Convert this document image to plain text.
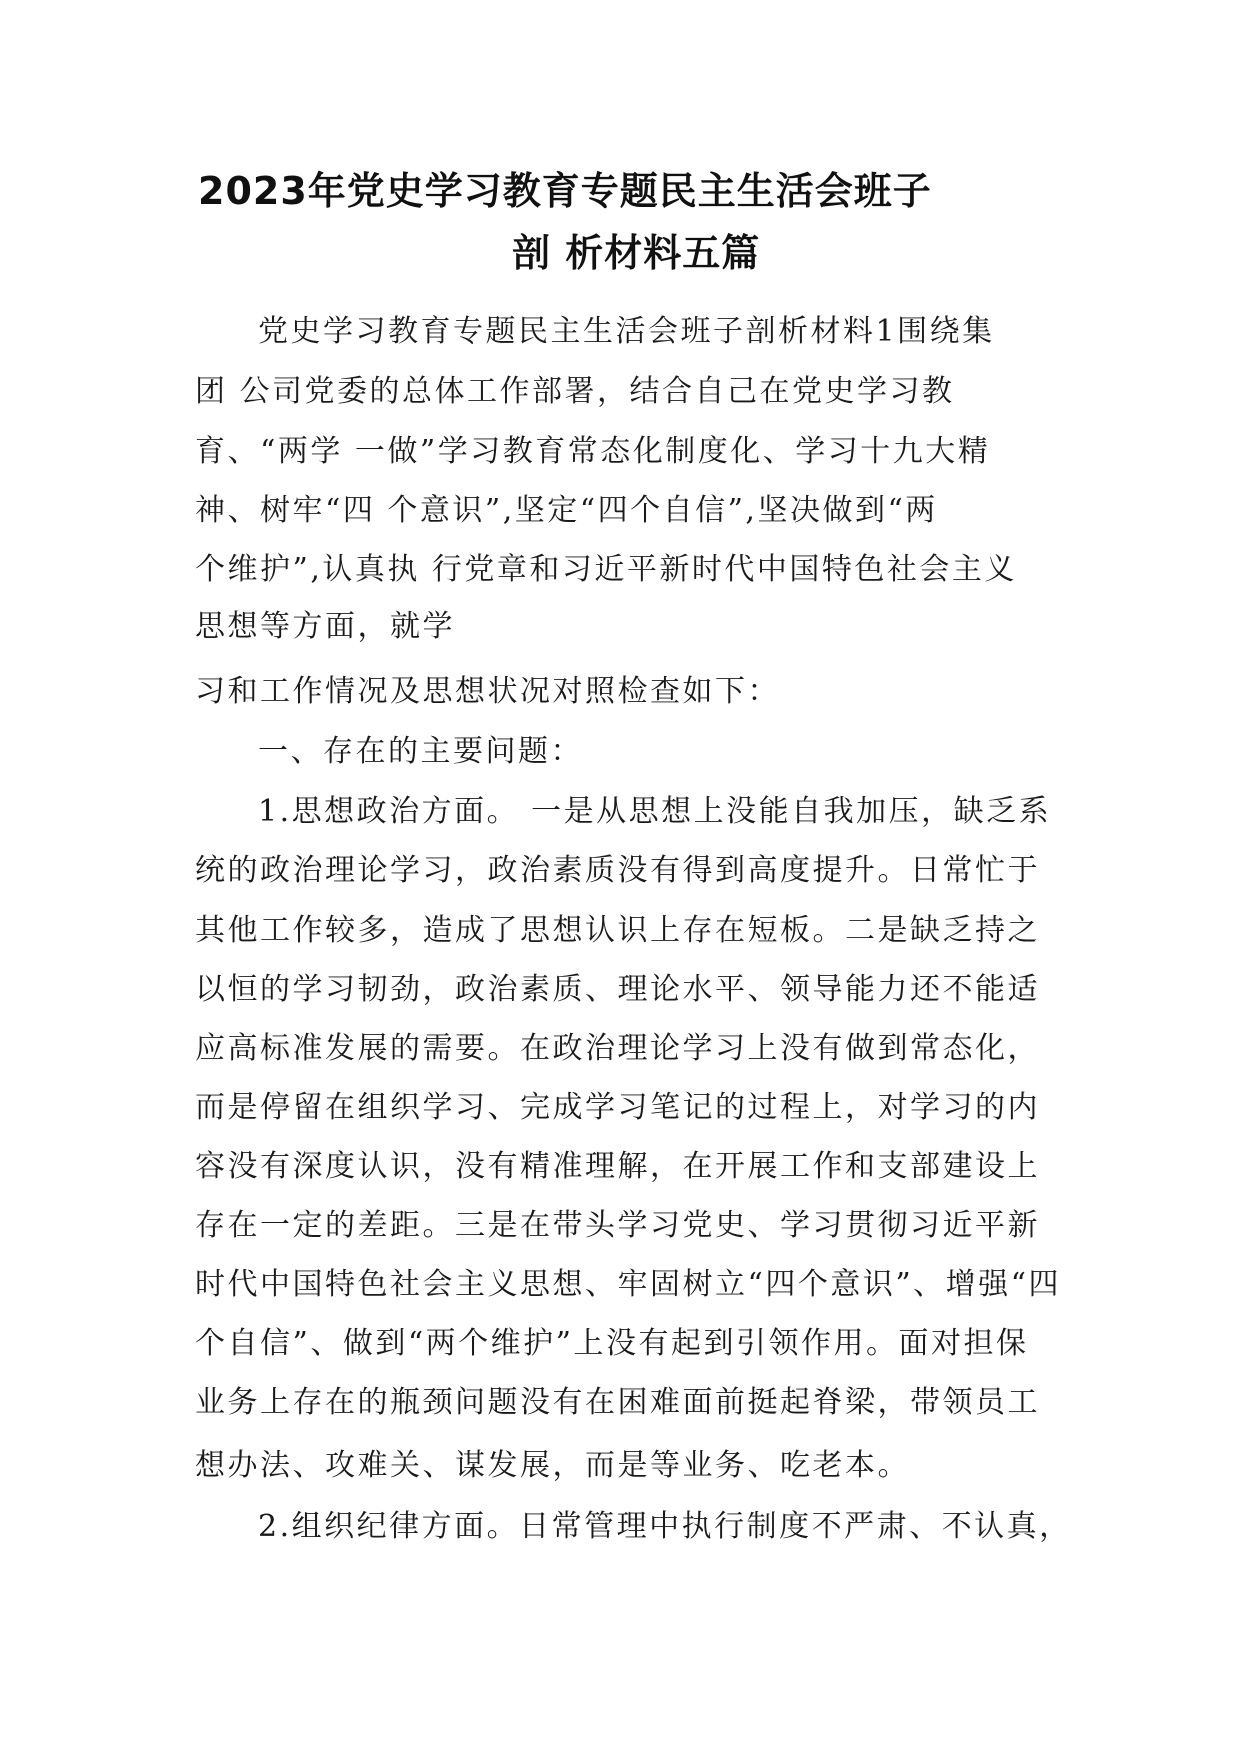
2023年党史学习教育专题民主生活会班子
剖 析材料五篇
党史学习教育专题民主生活会班子剖析材料1围绕集
团 公司党委的总体工作部署，结合自己在党史学习教
育、“两学 一做”学习教育常态化制度化、学习十九大精
神、树牢“四 个意识”,坚定“四个自信”,坚决做到“两
个维护”,认真执 行党章和习近平新时代中国特色社会主义
思想等方面，就学
习和工作情况及思想状况对照检查如下：
一、存在的主要问题：
1.思想政治方面。 一是从思想上没能自我加压，缺乏系
统的政治理论学习，政治素质没有得到高度提升。日常忙于
其他工作较多，造成了思想认识上存在短板。二是缺乏持之
以恒的学习韧劲，政治素质、理论水平、领导能力还不能适
应高标准发展的需要。在政治理论学习上没有做到常态化，
而是停留在组织学习、完成学习笔记的过程上，对学习的内
容没有深度认识，没有精准理解，在开展工作和支部建设上
存在一定的差距。三是在带头学习党史、学习贯彻习近平新
时代中国特色社会主义思想、牢固树立“四个意识”、增强“四
个自信”、做到“两个维护”上没有起到引领作用。面对担保
业务上存在的瓶颈问题没有在困难面前挺起脊梁，带领员工
想办法、攻难关、谋发展，而是等业务、吃老本。
2.组织纪律方面。日常管理中执行制度不严肃、不认真，
